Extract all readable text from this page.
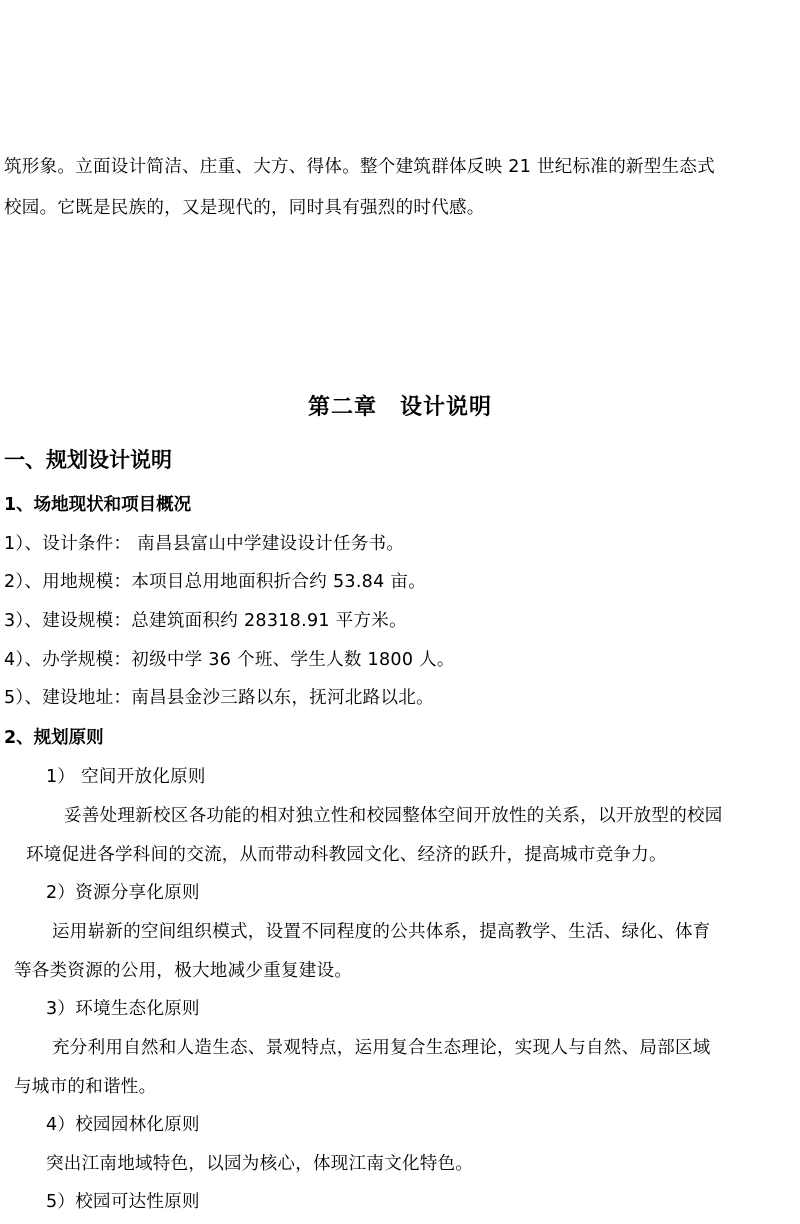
筑形象。立面设计简洁、庄重、大方、得体。整个建筑群体反映 21 世纪标准的新型生态式
校园。它既是民族的，又是现代的，同时具有强烈的时代感。
第二章　设计说明
一、规划设计说明
1、场地现状和项目概况
1）、设计条件： 南昌县富山中学建设设计任务书。
2）、用地规模：本项目总用地面积折合约 53.84 亩。
3）、建设规模：总建筑面积约 28318.91 平方米。
4）、办学规模：初级中学 36 个班、学生人数 1800 人。
5）、建设地址：南昌县金沙三路以东，抚河北路以北。
2、规划原则
1） 空间开放化原则
妥善处理新校区各功能的相对独立性和校园整体空间开放性的关系，以开放型的校园
环境促进各学科间的交流，从而带动科教园文化、经济的跃升，提高城市竞争力。
2）资源分享化原则
运用崭新的空间组织模式，设置不同程度的公共体系，提高教学、生活、绿化、体育
等各类资源的公用，极大地减少重复建设。
3）环境生态化原则
充分利用自然和人造生态、景观特点，运用复合生态理论，实现人与自然、局部区域
与城市的和谐性。
4）校园园林化原则
突出江南地域特色，以园为核心，体现江南文化特色。
5）校园可达性原则
